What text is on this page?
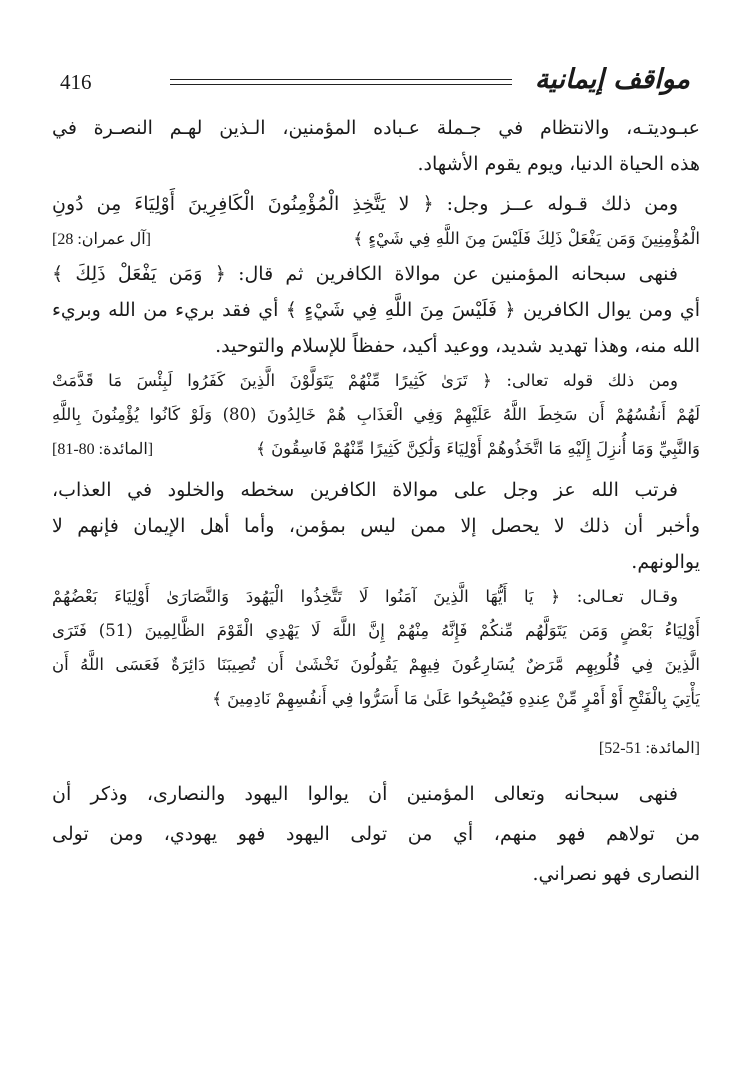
مواقف إيمانية
416
عبـوديتـه، والانتظام في جـملة عـباده المؤمنين، الـذين لهـم النصـرة في
هذه الحياة الدنيا، ويوم يقوم الأشهاد.
ومن ذلك قـوله عــز وجل: ﴿ لا يَتَّخِذِ الْمُؤْمِنُونَ الْكَافِرِينَ أَوْلِيَاءَ مِن دُونِ
الْمُؤْمِنِينَ وَمَن يَفْعَلْ ذَلِكَ فَلَيْسَ مِنَ اللَّهِ فِي شَيْءٍ ﴾
[آل عمران: 28]
فنهى سبحانه المؤمنين عن موالاة الكافرين ثم قال: ﴿ وَمَن يَفْعَلْ ذَلِكَ ﴾
أي ومن يوال الكافرين ﴿ فَلَيْسَ مِنَ اللَّهِ فِي شَيْءٍ ﴾ أي فقد بريء من الله وبريء
الله منه، وهذا تهديد شديد، ووعيد أكيد، حفظاً للإسلام والتوحيد.
ومن ذلك قوله تعالى: ﴿ تَرَىٰ كَثِيرًا مِّنْهُمْ يَتَوَلَّوْنَ الَّذِينَ كَفَرُوا لَبِئْسَ مَا قَدَّمَتْ
لَهُمْ أَنفُسُهُمْ أَن سَخِطَ اللَّهُ عَلَيْهِمْ وَفِي الْعَذَابِ هُمْ خَالِدُونَ (80) وَلَوْ كَانُوا يُؤْمِنُونَ بِاللَّهِ
وَالنَّبِيِّ وَمَا أُنزِلَ إِلَيْهِ مَا اتَّخَذُوهُمْ أَوْلِيَاءَ وَلَٰكِنَّ كَثِيرًا مِّنْهُمْ فَاسِقُونَ ﴾
[المائدة: 80-81]
فرتب الله عز وجل على موالاة الكافرين سخطه والخلود في العذاب،
وأخبر أن ذلك لا يحصل إلا ممن ليس بمؤمن، وأما أهل الإيمان فإنهم لا
يوالونهم.
وقـال تعـالى: ﴿ يَا أَيُّهَا الَّذِينَ آمَنُوا لَا تَتَّخِذُوا الْيَهُودَ وَالنَّصَارَىٰ أَوْلِيَاءَ بَعْضُهُمْ
أَوْلِيَاءُ بَعْضٍ وَمَن يَتَوَلَّهُم مِّنكُمْ فَإِنَّهُ مِنْهُمْ إِنَّ اللَّهَ لَا يَهْدِي الْقَوْمَ الظَّالِمِينَ (51) فَتَرَى
الَّذِينَ فِي قُلُوبِهِم مَّرَضٌ يُسَارِعُونَ فِيهِمْ يَقُولُونَ نَخْشَىٰ أَن تُصِيبَنَا دَائِرَةٌ فَعَسَى اللَّهُ أَن
يَأْتِيَ بِالْفَتْحِ أَوْ أَمْرٍ مِّنْ عِندِهِ فَيُصْبِحُوا عَلَىٰ مَا أَسَرُّوا فِي أَنفُسِهِمْ نَادِمِينَ ﴾
[المائدة: 51-52]
فنهى سبحانه وتعالى المؤمنين أن يوالوا اليهود والنصارى، وذكر أن
من تولاهم فهو منهم، أي من تولى اليهود فهو يهودي، ومن تولى
النصارى فهو نصراني.
